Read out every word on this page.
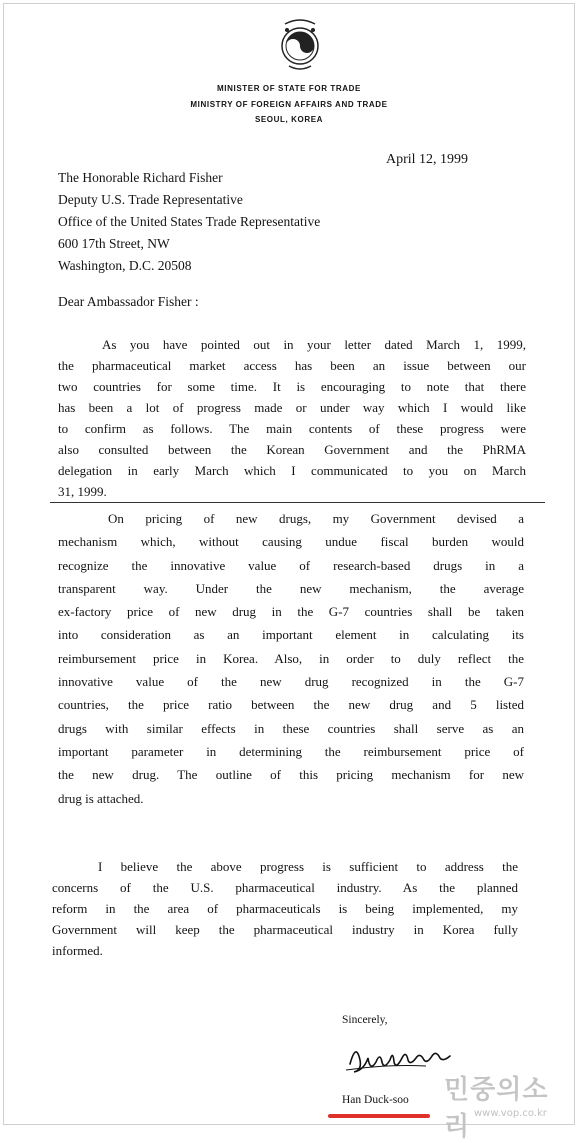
MINISTER OF STATE FOR TRADE
MINISTRY OF FOREIGN AFFAIRS AND TRADE
SEOUL, KOREA
April 12, 1999
The Honorable Richard Fisher
Deputy U.S. Trade Representative
Office of the United States Trade Representative
600 17th Street, NW
Washington, D.C. 20508
Dear Ambassador Fisher :
As you have pointed out in your letter dated March 1, 1999,
the pharmaceutical market access has been an issue between our
two countries for some time. It is encouraging to note that there
has been a lot of progress made or under way which I would like
to confirm as follows. The main contents of these progress were
also consulted between the Korean Government and the PhRMA
delegation in early March which I communicated to you on March
31, 1999.
On pricing of new drugs, my Government devised a
mechanism which, without causing undue fiscal burden would
recognize the innovative value of research-based drugs in a
transparent way. Under the new mechanism, the average
ex-factory price of new drug in the G-7 countries shall be taken
into consideration as an important element in calculating its
reimbursement price in Korea. Also, in order to duly reflect the
innovative value of the new drug recognized in the G-7
countries, the price ratio between the new drug and 5 listed
drugs with similar effects in these countries shall serve as an
important parameter in determining the reimbursement price of
the new drug. The outline of this pricing mechanism for new
drug is attached.
I believe the above progress is sufficient to address the
concerns of the U.S. pharmaceutical industry. As the planned
reform in the area of pharmaceuticals is being implemented, my
Government will keep the pharmaceutical industry in Korea fully
informed.
Sincerely,
Han Duck-soo 민중의소리 www.vop.co.kr
